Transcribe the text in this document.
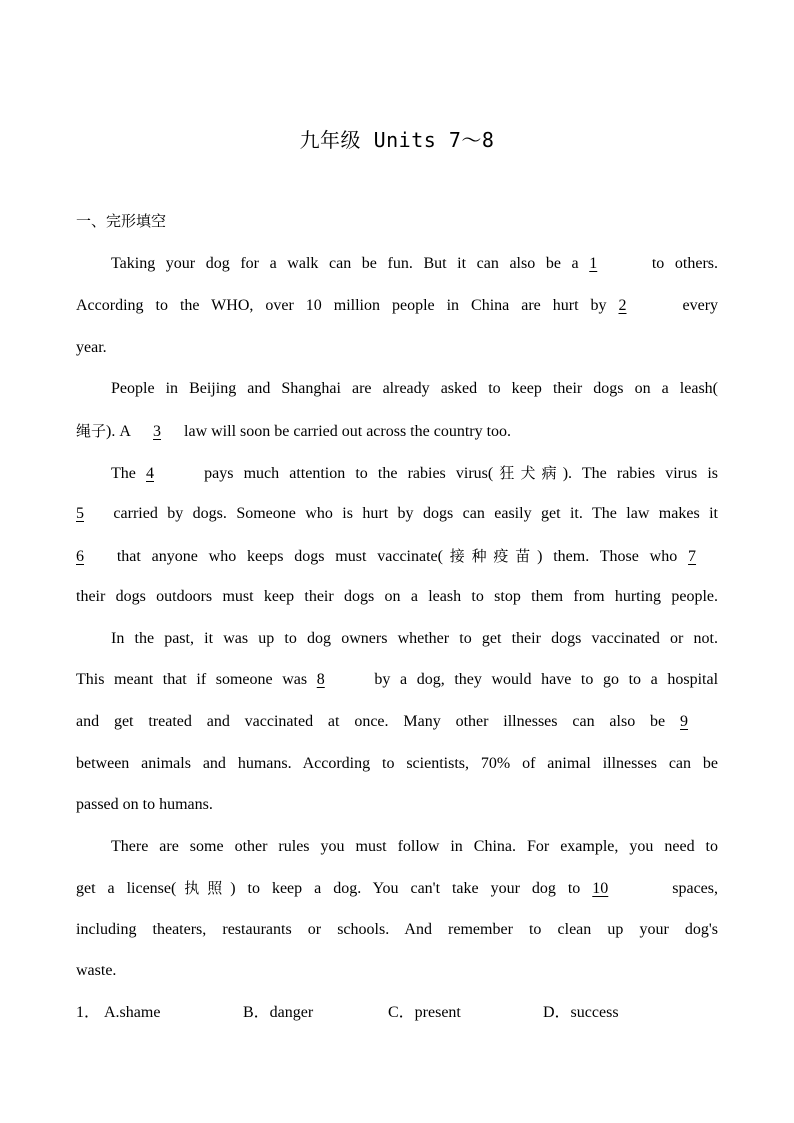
九年级 Units 7～8
一、完形填空
Taking your dog for a walk can be fun. But it can also be a 1	to others.
According to the WHO, over 10 million people in China are hurt by 2	every
year.
People in Beijing and Shanghai are already asked to keep their dogs on a leash(
绳子). A 3 law will soon be carried out across the country too.
The 4	pays much attention to the rabies virus(狂犬病). The rabies virus is
5 carried by dogs. Someone who is hurt by dogs can easily get it. The law makes it
6 that anyone who keeps dogs must vaccinate(接种疫苗) them. Those who 7
their dogs outdoors must keep their dogs on a leash to stop them from hurting people.
In the past, it was up to dog owners whether to get their dogs vaccinated or not.
This meant that if someone was 8	by a dog, they would have to go to a hospital
and get treated and vaccinated at once. Many other illnesses can also be 9
between animals and humans. According to scientists, 70% of animal illnesses can be
passed on to humans.
There are some other rules you must follow in China. For example, you need to
get a license(执照) to keep a dog. You can't take your dog to 10	spaces,
including theaters, restaurants or schools. And remember to clean up your dog's
waste.
1． A.shame	B．danger	C．present	D．success
